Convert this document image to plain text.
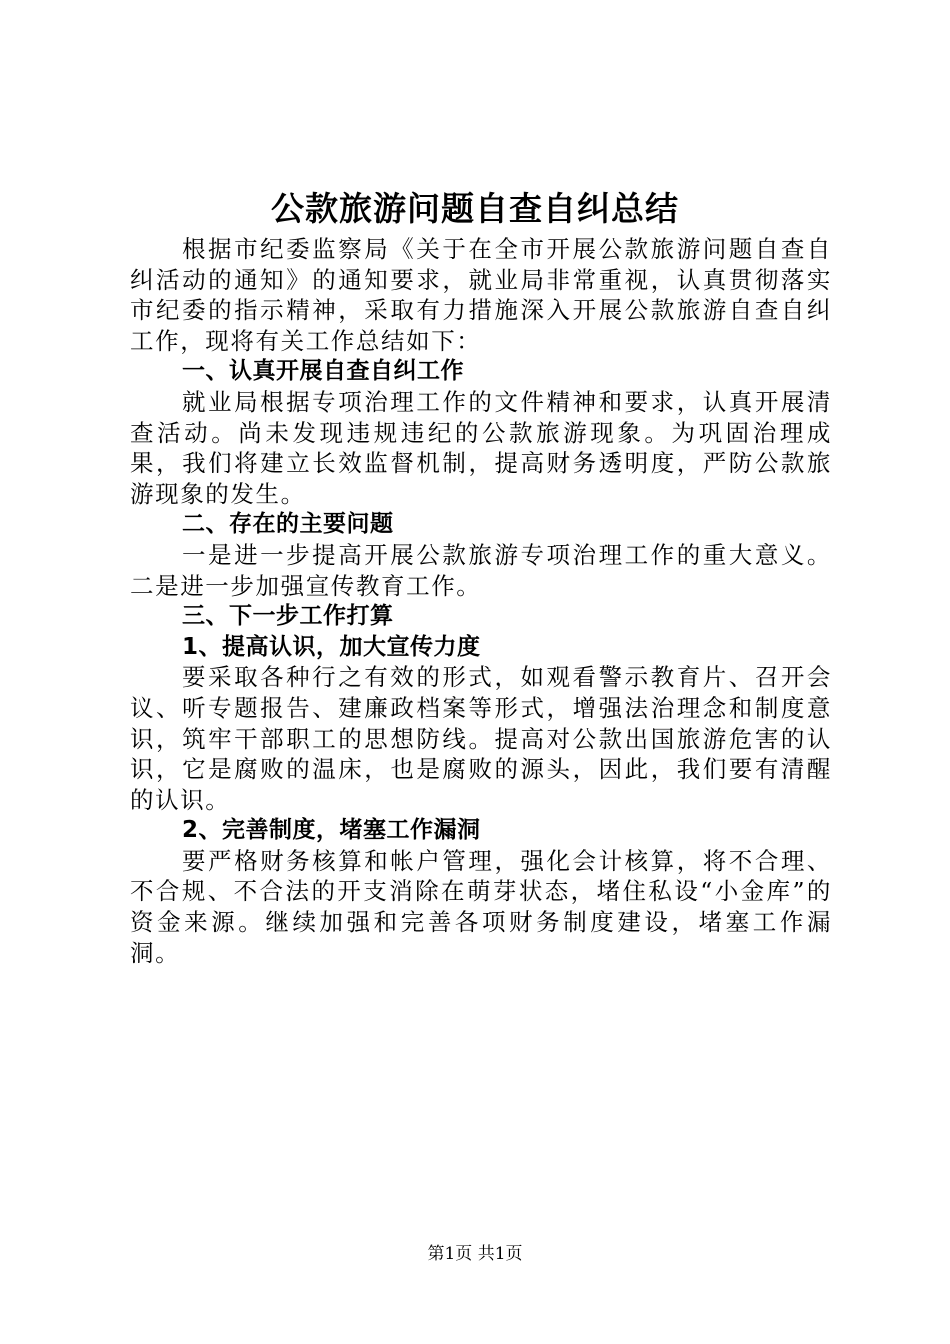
公款旅游问题自查自纠总结

根据市纪委监察局《关于在全市开展公款旅游问题自查自纠活动的通知》的通知要求，就业局非常重视，认真贯彻落实市纪委的指示精神，采取有力措施深入开展公款旅游自查自纠工作，现将有关工作总结如下：

一、认真开展自查自纠工作

就业局根据专项治理工作的文件精神和要求，认真开展清查活动。尚未发现违规违纪的公款旅游现象。为巩固治理成果，我们将建立长效监督机制，提高财务透明度，严防公款旅游现象的发生。

二、存在的主要问题

一是进一步提高开展公款旅游专项治理工作的重大意义。二是进一步加强宣传教育工作。

三、下一步工作打算

1、提高认识，加大宣传力度

要采取各种行之有效的形式，如观看警示教育片、召开会议、听专题报告、建廉政档案等形式，增强法治理念和制度意识，筑牢干部职工的思想防线。提高对公款出国旅游危害的认识，它是腐败的温床，也是腐败的源头，因此，我们要有清醒的认识。

2、完善制度，堵塞工作漏洞

要严格财务核算和帐户管理，强化会计核算，将不合理、不合规、不合法的开支消除在萌芽状态，堵住私设“小金库”的资金来源。继续加强和完善各项财务制度建设，堵塞工作漏洞。

第1页 共1页
